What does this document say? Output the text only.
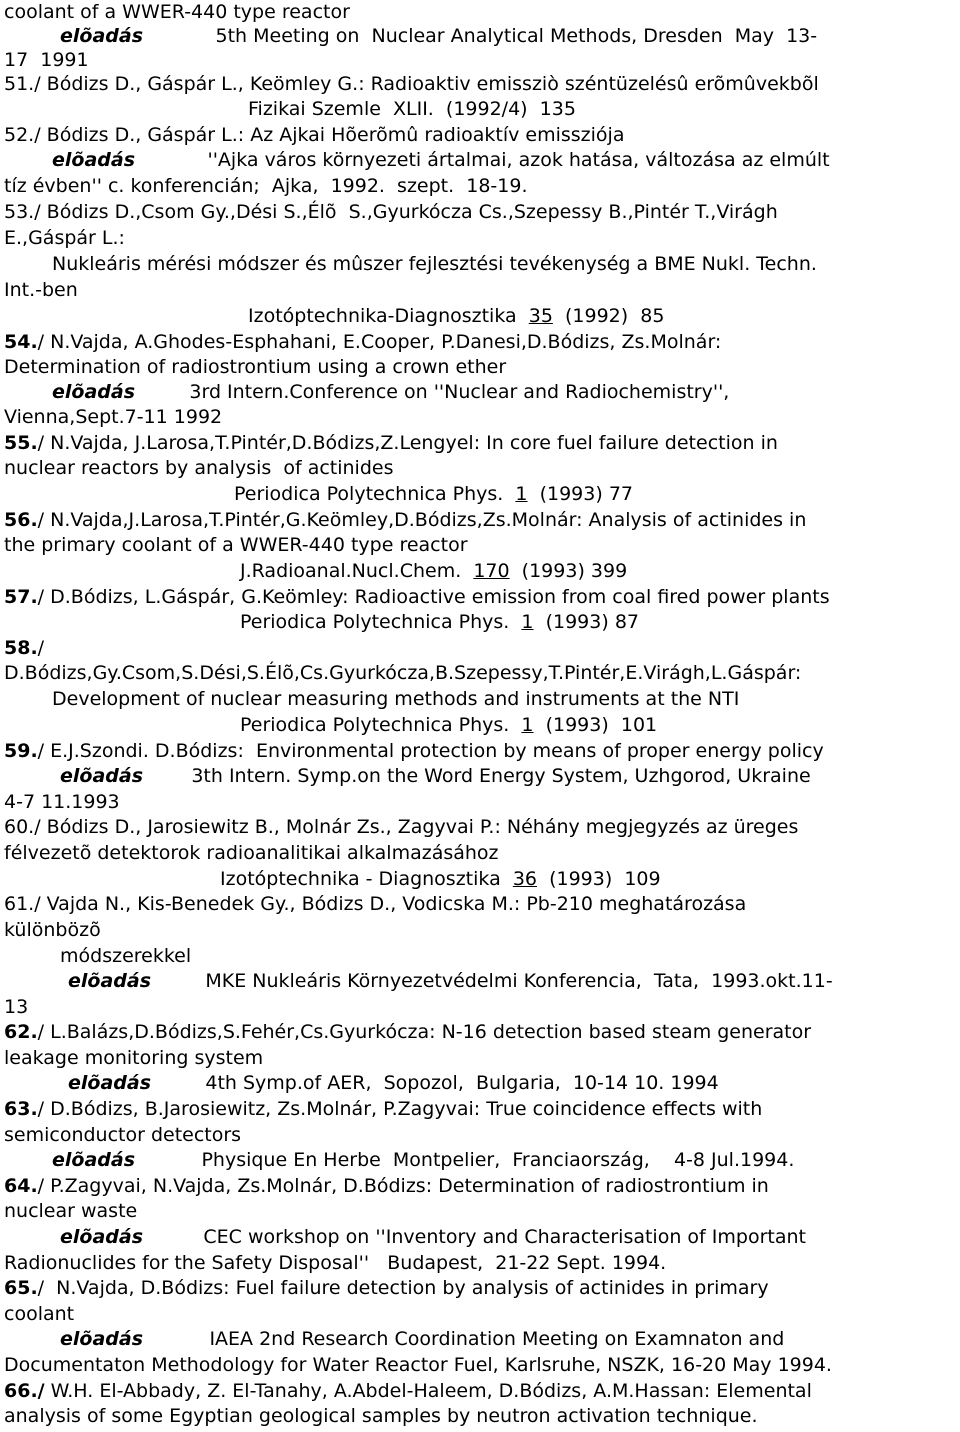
coolant of a WWER-440 type reactor
elõadás            5th Meeting on  Nuclear Analytical Methods, Dresden  May  13-
17  1991
51./ Bódizs D., Gáspár L., Keömley G.: Radioaktiv emissziò széntüzelésû erõmûvekbõl
Fizikai Szemle  XLII.  (1992/4)  135
52./ Bódizs D., Gáspár L.: Az Ajkai Hõerõmû radioaktív emissziója
elõadás            ''Ajka város környezeti ártalmai, azok hatása, változása az elmúlt
tíz évben'' c. konferencián;  Ajka,  1992.  szept.  18-19.
53./ Bódizs D.,Csom Gy.,Dési S.,Élõ  S.,Gyurkócza Cs.,Szepessy B.,Pintér T.,Virágh
E.,Gáspár L.:
Nukleáris mérési módszer és mûszer fejlesztési tevékenység a BME Nukl. Techn.
Int.-ben
Izotóptechnika-Diagnosztika  35  (1992)  85
54./ N.Vajda, A.Ghodes-Esphahani, E.Cooper, P.Danesi,D.Bódizs, Zs.Molnár:
Determination of radiostrontium using a crown ether
elõadás         3rd Intern.Conference on ''Nuclear and Radiochemistry'',
Vienna,Sept.7-11 1992
55./ N.Vajda, J.Larosa,T.Pintér,D.Bódizs,Z.Lengyel: In core fuel failure detection in
nuclear reactors by analysis  of actinides
Periodica Polytechnica Phys.  1  (1993) 77
56./ N.Vajda,J.Larosa,T.Pintér,G.Keömley,D.Bódizs,Zs.Molnár: Analysis of actinides in
the primary coolant of a WWER-440 type reactor
J.Radioanal.Nucl.Chem.  170  (1993) 399
57./ D.Bódizs, L.Gáspár, G.Keömley: Radioactive emission from coal fired power plants
Periodica Polytechnica Phys.  1  (1993) 87
58./
D.Bódizs,Gy.Csom,S.Dési,S.Élõ,Cs.Gyurkócza,B.Szepessy,T.Pintér,E.Virágh,L.Gáspár:
Development of nuclear measuring methods and instruments at the NTI
Periodica Polytechnica Phys.  1  (1993)  101
59./ E.J.Szondi. D.Bódizs:  Environmental protection by means of proper energy policy
elõadás        3th Intern. Symp.on the Word Energy System, Uzhgorod, Ukraine
4-7 11.1993
60./ Bódizs D., Jarosiewitz B., Molnár Zs., Zagyvai P.: Néhány megjegyzés az üreges
félvezetõ detektorok radioanalitikai alkalmazásához
Izotóptechnika - Diagnosztika  36  (1993)  109
61./ Vajda N., Kis-Benedek Gy., Bódizs D., Vodicska M.: Pb-210 meghatározása
különbözõ
módszerekkel
elõadás         MKE Nukleáris Környezetvédelmi Konferencia,  Tata,  1993.okt.11-
13
62./ L.Balázs,D.Bódizs,S.Fehér,Cs.Gyurkócza: N-16 detection based steam generator
leakage monitoring system
elõadás         4th Symp.of AER,  Sopozol,  Bulgaria,  10-14 10. 1994
63./ D.Bódizs, B.Jarosiewitz, Zs.Molnár, P.Zagyvai: True coincidence effects with
semiconductor detectors
elõadás           Physique En Herbe  Montpelier,  Franciaország,    4-8 Jul.1994.
64./ P.Zagyvai, N.Vajda, Zs.Molnár, D.Bódizs: Determination of radiostrontium in
nuclear waste
elõadás          CEC workshop on ''Inventory and Characterisation of Important
Radionuclides for the Safety Disposal''   Budapest,  21-22 Sept. 1994.
65./  N.Vajda, D.Bódizs: Fuel failure detection by analysis of actinides in primary
coolant
elõadás           IAEA 2nd Research Coordination Meeting on Examnaton and
Documentaton Methodology for Water Reactor Fuel, Karlsruhe, NSZK, 16-20 May 1994.
66./ W.H. El-Abbady, Z. El-Tanahy, A.Abdel-Haleem, D.Bódizs, A.M.Hassan: Elemental
analysis of some Egyptian geological samples by neutron activation technique.
